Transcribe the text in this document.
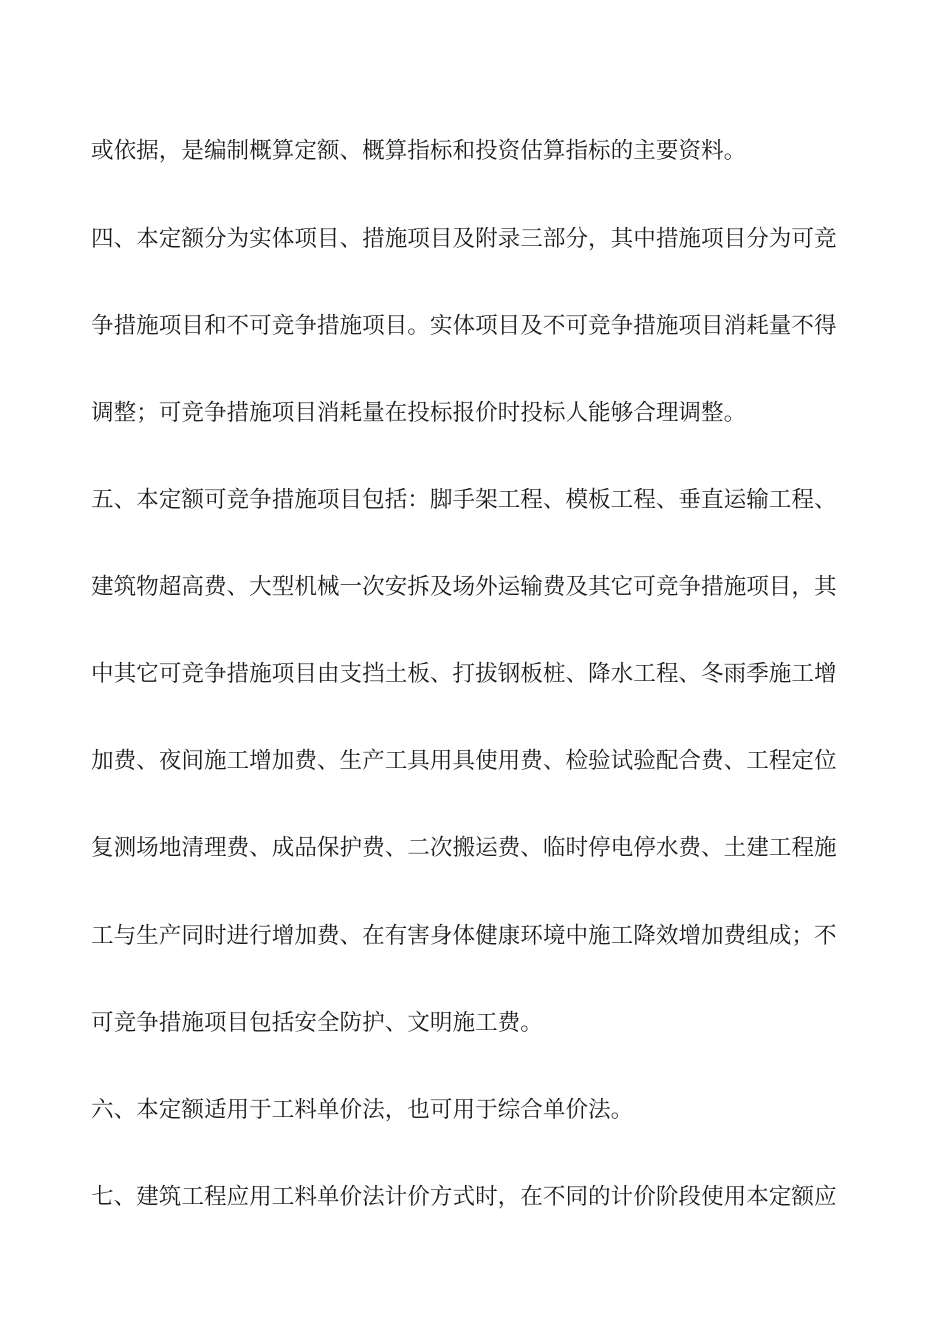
或依据，是编制概算定额、概算指标和投资估算指标的主要资料。
四、本定额分为实体项目、措施项目及附录三部分，其中措施项目分为可竞
争措施项目和不可竞争措施项目。实体项目及不可竞争措施项目消耗量不得
调整；可竞争措施项目消耗量在投标报价时投标人能够合理调整。
五、本定额可竞争措施项目包括：脚手架工程、模板工程、垂直运输工程、
建筑物超高费、大型机械一次安拆及场外运输费及其它可竞争措施项目，其
中其它可竞争措施项目由支挡土板、打拔钢板桩、降水工程、冬雨季施工增
加费、夜间施工增加费、生产工具用具使用费、检验试验配合费、工程定位
复测场地清理费、成品保护费、二次搬运费、临时停电停水费、土建工程施
工与生产同时进行增加费、在有害身体健康环境中施工降效增加费组成；不
可竞争措施项目包括安全防护、文明施工费。
六、本定额适用于工料单价法，也可用于综合单价法。
七、建筑工程应用工料单价法计价方式时，在不同的计价阶段使用本定额应
